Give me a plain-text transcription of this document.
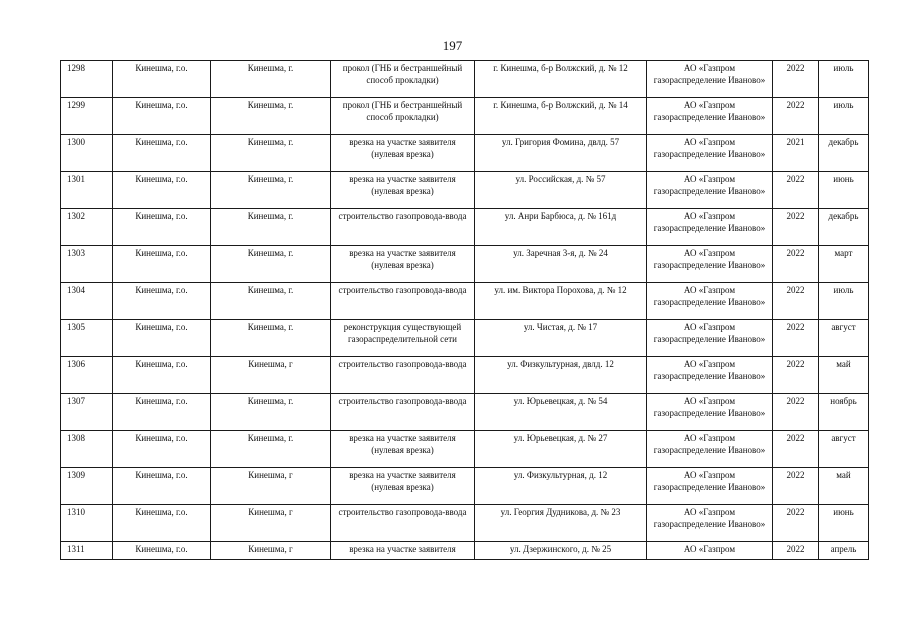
197
1298	Кинешма, г.о.	Кинешма, г.	прокол (ГНБ и бестраншейный способ прокладки)	г. Кинешма, б-р Волжский, д. № 12	АО «Газпром газораспределение Иваново»	2022	июль
1299	Кинешма, г.о.	Кинешма, г.	прокол (ГНБ и бестраншейный способ прокладки)	г. Кинешма, б-р Волжский, д. № 14	АО «Газпром газораспределение Иваново»	2022	июль
1300	Кинешма, г.о.	Кинешма, г.	врезка на участке заявителя (нулевая врезка)	ул. Григория Фомина, двлд. 57	АО «Газпром газораспределение Иваново»	2021	декабрь
1301	Кинешма, г.о.	Кинешма, г.	врезка на участке заявителя (нулевая врезка)	ул. Российская, д. № 57	АО «Газпром газораспределение Иваново»	2022	июнь
1302	Кинешма, г.о.	Кинешма, г.	строительство газопровода-ввода	ул. Анри Барбюса, д. № 161д	АО «Газпром газораспределение Иваново»	2022	декабрь
1303	Кинешма, г.о.	Кинешма, г.	врезка на участке заявителя (нулевая врезка)	ул. Заречная 3-я, д. № 24	АО «Газпром газораспределение Иваново»	2022	март
1304	Кинешма, г.о.	Кинешма, г.	строительство газопровода-ввода	ул. им. Виктора Порохова, д. № 12	АО «Газпром газораспределение Иваново»	2022	июль
1305	Кинешма, г.о.	Кинешма, г.	реконструкция существующей газораспределительной сети	ул. Чистая, д. № 17	АО «Газпром газораспределение Иваново»	2022	август
1306	Кинешма, г.о.	Кинешма, г	строительство газопровода-ввода	ул. Физкультурная, двлд. 12	АО «Газпром газораспределение Иваново»	2022	май
1307	Кинешма, г.о.	Кинешма, г.	строительство газопровода-ввода	ул. Юрьевецкая, д. № 54	АО «Газпром газораспределение Иваново»	2022	ноябрь
1308	Кинешма, г.о.	Кинешма, г.	врезка на участке заявителя (нулевая врезка)	ул. Юрьевецкая, д. № 27	АО «Газпром газораспределение Иваново»	2022	август
1309	Кинешма, г.о.	Кинешма, г	врезка на участке заявителя (нулевая врезка)	ул. Физкультурная, д. 12	АО «Газпром газораспределение Иваново»	2022	май
1310	Кинешма, г.о.	Кинешма, г	строительство газопровода-ввода	ул. Георгия Дудникова, д. № 23	АО «Газпром газораспределение Иваново»	2022	июнь
1311	Кинешма, г.о.	Кинешма, г	врезка на участке заявителя	ул. Дзержинского, д. № 25	АО «Газпром	2022	апрель
